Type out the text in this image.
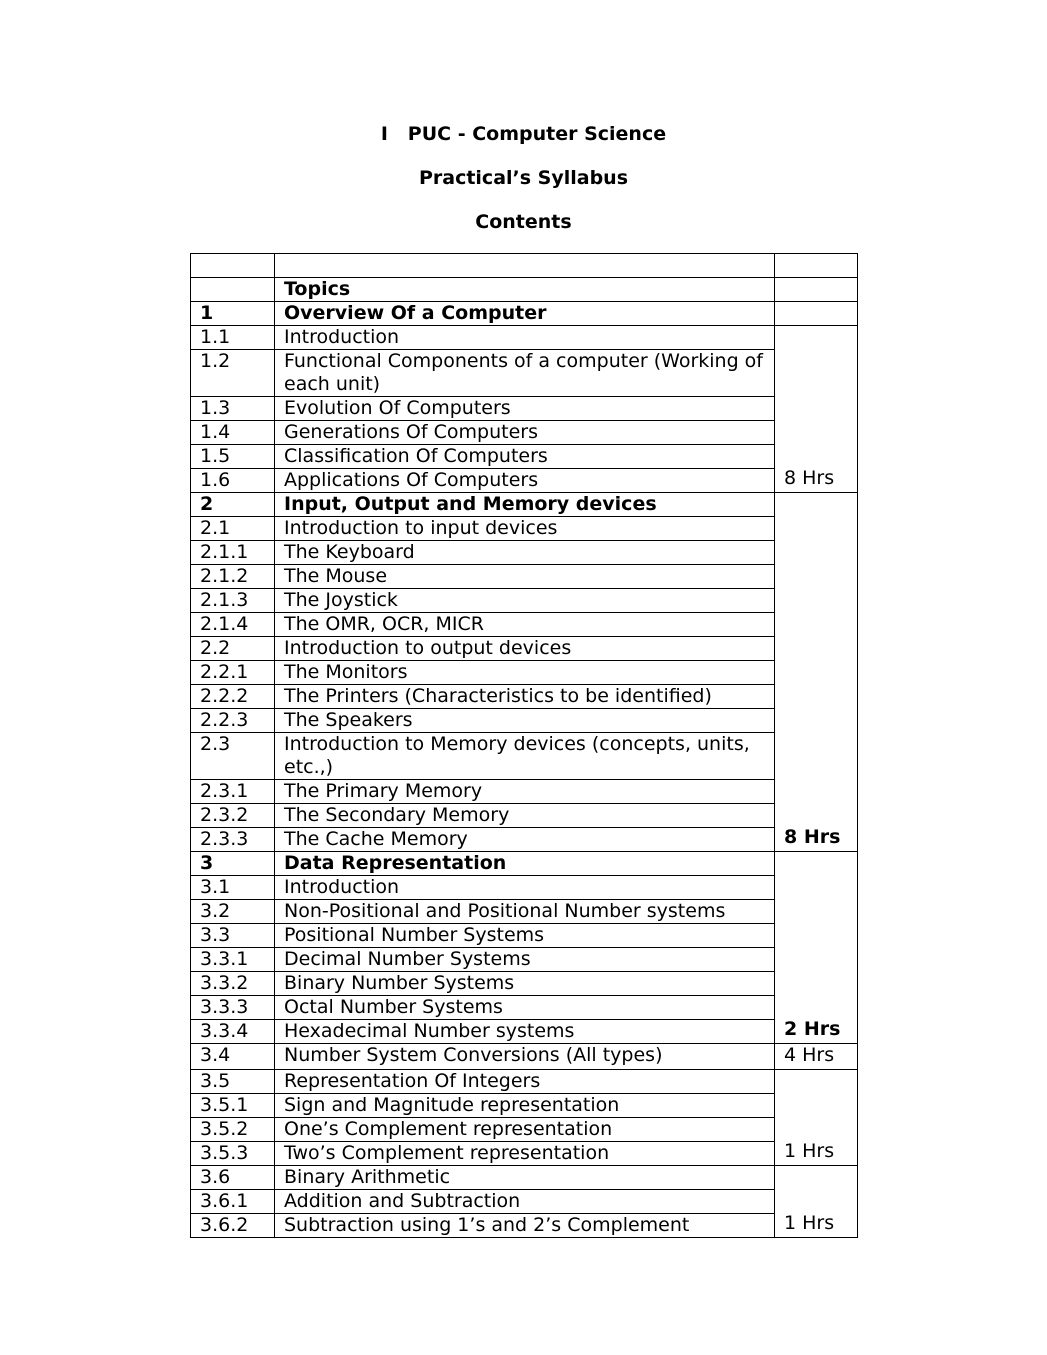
I   PUC - Computer Science
Practical’s Syllabus
Contents

	Topics	
1	Overview Of a Computer	
1.1	Introduction	8 Hrs
1.2	Functional Components of a computer (Working of each unit)	
1.3	Evolution Of Computers	
1.4	Generations Of Computers	
1.5	Classification Of Computers	
1.6	Applications Of Computers	
2	Input, Output and Memory devices	8 Hrs
2.1	Introduction to input devices	
2.1.1	The Keyboard	
2.1.2	The Mouse	
2.1.3	The Joystick	
2.1.4	The OMR, OCR, MICR	
2.2	Introduction to output devices	
2.2.1	The Monitors	
2.2.2	The Printers (Characteristics to be identified)	
2.2.3	The Speakers	
2.3	Introduction to Memory devices (concepts, units, etc.,)	
2.3.1	The Primary Memory	
2.3.2	The Secondary Memory	
2.3.3	The Cache Memory	
3	Data Representation	2 Hrs
3.1	Introduction	
3.2	Non-Positional and Positional Number systems	
3.3	Positional Number Systems	
3.3.1	Decimal Number Systems	
3.3.2	Binary Number Systems	
3.3.3	Octal Number Systems	
3.3.4	Hexadecimal Number systems	
3.4	Number System Conversions (All types)	4 Hrs
3.5	Representation Of Integers	1 Hrs
3.5.1	Sign and Magnitude representation	
3.5.2	One’s Complement representation	
3.5.3	Two’s Complement representation	
3.6	Binary Arithmetic	1 Hrs
3.6.1	Addition and Subtraction	
3.6.2	Subtraction using 1’s and 2’s Complement	
